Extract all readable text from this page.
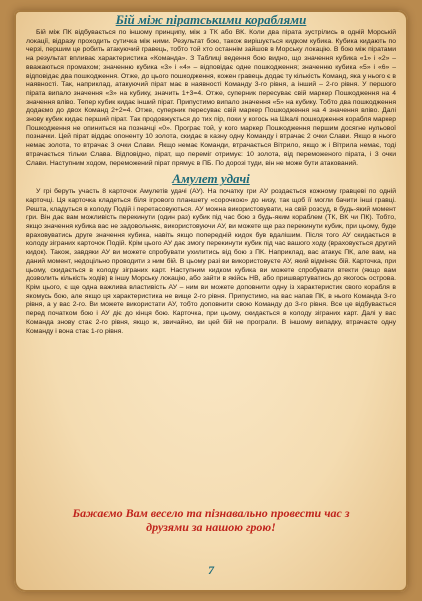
Бій між піратськими кораблями

Бій між ПК відбувається по іншому принципу, між з ТК або ВК. Коли два пірата зустрілись в одній Морській локації, відразу проходить сутичка між ними. Результат бою, також вирішується кидком кубика. Кубика кидають по черзі, першим це робить атакуючий гравець, тобто той хто останнім зайшов в Морську локацію. В бою між піратами на результат впливає характеристика «Команда». З Таблиці ведення бою видно, що значення кубика «1» і «2» – вважаються промахом; значенню кубика «3» і «4» – відповідає одне пошкодження; значенню кубика «5» і «6» – відповідає два пошкодження. Отже, до цього пошкодження, кожен гравець додає ту кількість Команд, яка у нього є в наявності. Так, наприклад, атакуючий пірат має в наявності Команду 3-го рівня, а інший – 2-го рівня. У першого пірата випало значення «3» на кубику, значить 1+3=4. Отже, суперник пересуває свій маркер Пошкодження на 4 значення вліво. Тепер кубик кидає інший пірат. Припустимо випало значення «5» на кубику. Тобто два пошкодження додаємо до двох Команд 2+2=4. Отже, суперник пересуває свій маркер Пошкодження на 4 значення вліво. Далі знову кубик кидає перший пірат. Так продовжується до тих пір, поки у когось на Шкалі пошкодження корабля маркер Пошкодження не опиниться на позначці «0». Програє той, у кого маркер Пошкодження першим досягне нульової позначки. Цей пірат віддає опоненту 10 золота, скидає в казну одну Команду і втрачає 2 очки Слави. Якщо в нього немає золота, то втрачає 3 очки Слави. Якщо немає Команди, втрачається Вітрило, якщо ж і Вітрила немає, тоді втрачається тільки Слава. Відповідно, пірат, що переміг отримує: 10 золота, від переможеного пірата, і 3 очки Слави. Наступним ходом, переможений пірат прямує в ПБ. По дорозі туди, він не може бути атакований.

Амулет удачі

У грі беруть участь 8 карточок Амулетів удачі (АУ). На початку гри АУ роздається кожному гравцеві по одній карточці. Ця карточка кладеться біля ігрового планшету «сорочкою» до низу, так щоб її могли бачити інші гравці. Решта, кладуться в колоду Подій і перетасовуються. АУ можна використовувати, на свій розсуд, в будь-який момент гри. Він дає вам можливість перекинути (один раз) кубик під час бою з будь-яким кораблем (ТК, ВК чи ПК). Тобто, якщо значення кубика вас не задовольняє, використовуючи АУ, ви можете ще раз перекинути кубик, при цьому, буде враховуватись друге значення кубика, навіть якщо попередній кидок був вдалішим. Після того АУ скидається в колоду зіграних карточок Подій. Крім цього АУ дає змогу перекинути кубик під час вашого ходу (враховується другий кидок). Також, завдяки АУ ви можете спробувати ухилитись від бою з ПК. Наприклад, вас атакує ПК, але вам, на даний момент, недоцільно проводити з ним бій. В цьому разі ви використовуєте АУ, який відміняє бій. Карточка, при цьому, скидається в колоду зіграних карт. Наступним кидком кубика ви можете спробувати втекти (якщо вам дозволить кількість ходів) в іншу Морську локацію, або зайти в якійсь НВ, або пришвартуватись до якогось острова. Крім цього, є ще одна важлива властивість АУ – ним ви можете доповнити одну із характеристик свого корабля в якомусь бою, але якщо ця характеристика не вище 2-го рівня. Припустимо, на вас напав ПК, в нього Команда 3-го рівня, а у вас 2-го. Ви можете використати АУ, тобто доповнити свою Команду до 3-го рівня. Все це відбувається перед початком бою і АУ діє до кінця бою. Карточка, при цьому, скидається в колоду зіграних карт. Далі у вас Команда знову стає 2-го рівня, якщо ж, звичайно, ви цей бій не програли. В іншому випадку, втрачаєте одну Команду і вона стає 1-го рівня.

Бажаємо Вам весело та пізнавально провести час з
друзями за нашою грою!
7
